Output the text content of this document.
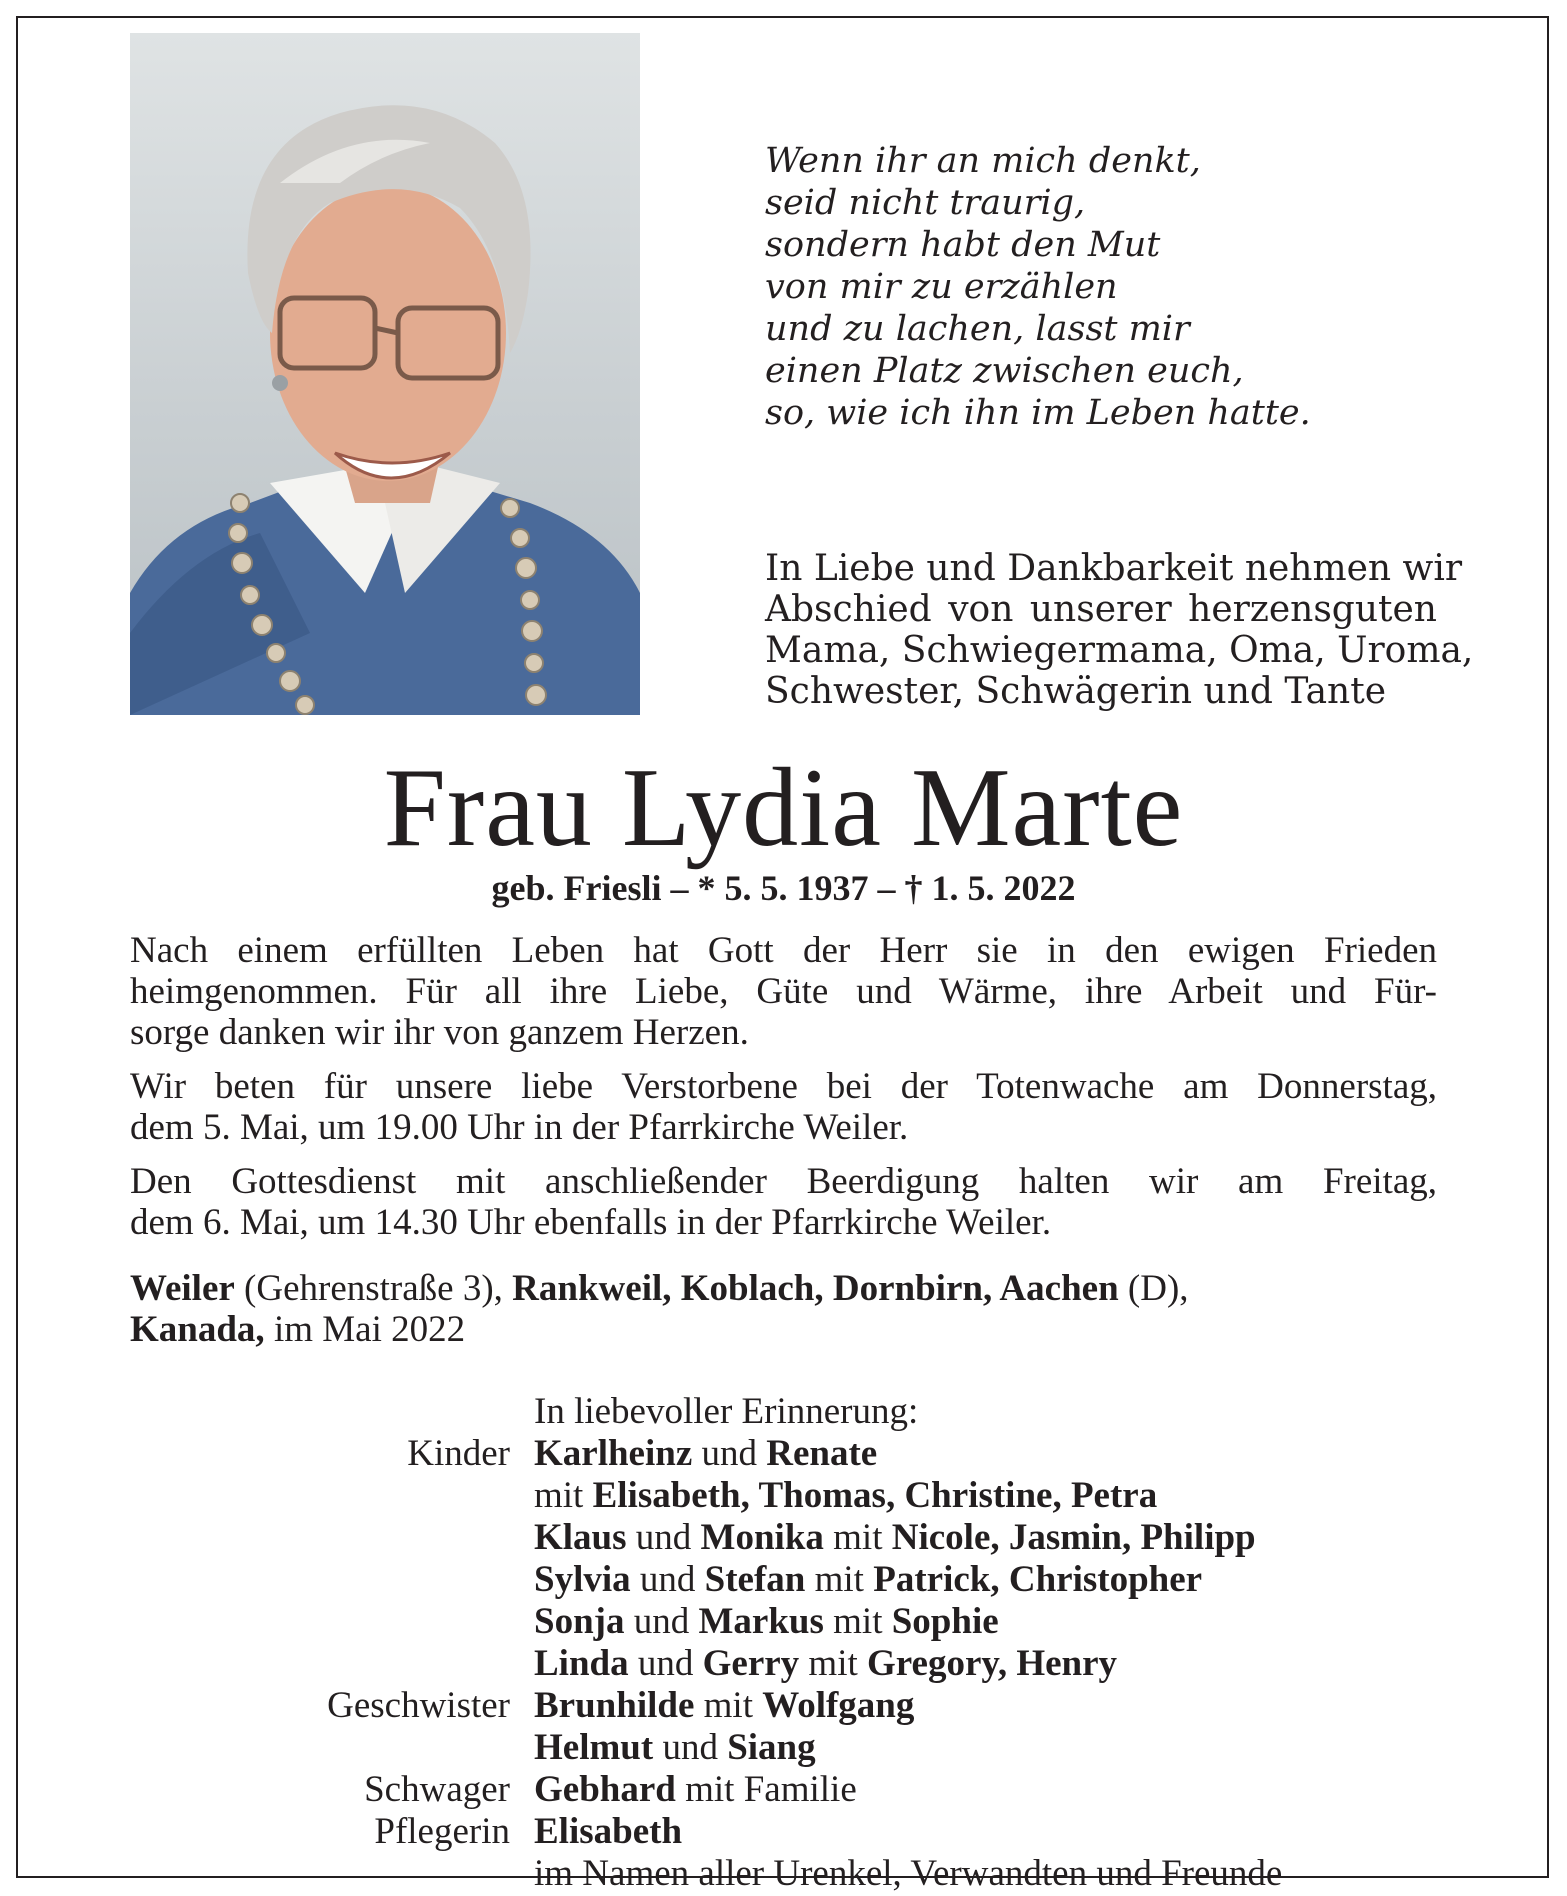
Wenn ihr an mich denkt,
seid nicht traurig,
sondern habt den Mut
von mir zu erzählen
und zu lachen, lasst mir
einen Platz zwischen euch,
so, wie ich ihn im Leben hatte.
In Liebe und Dankbarkeit nehmen wir
Abschied von unserer herzensguten
Mama, Schwiegermama, Oma, Uroma,
Schwester, Schwägerin und Tante
Frau Lydia Marte
geb. Friesli – * 5. 5. 1937 – † 1. 5. 2022

Nach einem erfüllten Leben hat Gott der Herr sie in den ewigen Frieden
heimgenommen. Für all ihre Liebe, Güte und Wärme, ihre Arbeit und Für-
sorge danken wir ihr von ganzem Herzen.

Wir beten für unsere liebe Verstorbene bei der Totenwache am Donnerstag,
dem 5. Mai, um 19.00 Uhr in der Pfarrkirche Weiler.

Den Gottesdienst mit anschließender Beerdigung halten wir am Freitag,
dem 6. Mai, um 14.30 Uhr ebenfalls in der Pfarrkirche Weiler.

Weiler (Gehrenstraße 3), Rankweil, Koblach, Dornbirn, Aachen (D),
Kanada, im Mai 2022
In liebevoller Erinnerung:
Kinder Karlheinz und Renate
mit Elisabeth, Thomas, Christine, Petra
Klaus und Monika mit Nicole, Jasmin, Philipp
Sylvia und Stefan mit Patrick, Christopher
Sonja und Markus mit Sophie
Linda und Gerry mit Gregory, Henry
Geschwister Brunhilde mit Wolfgang
Helmut und Siang
Schwager Gebhard mit Familie
Pflegerin Elisabeth
im Namen aller Urenkel, Verwandten und Freunde
